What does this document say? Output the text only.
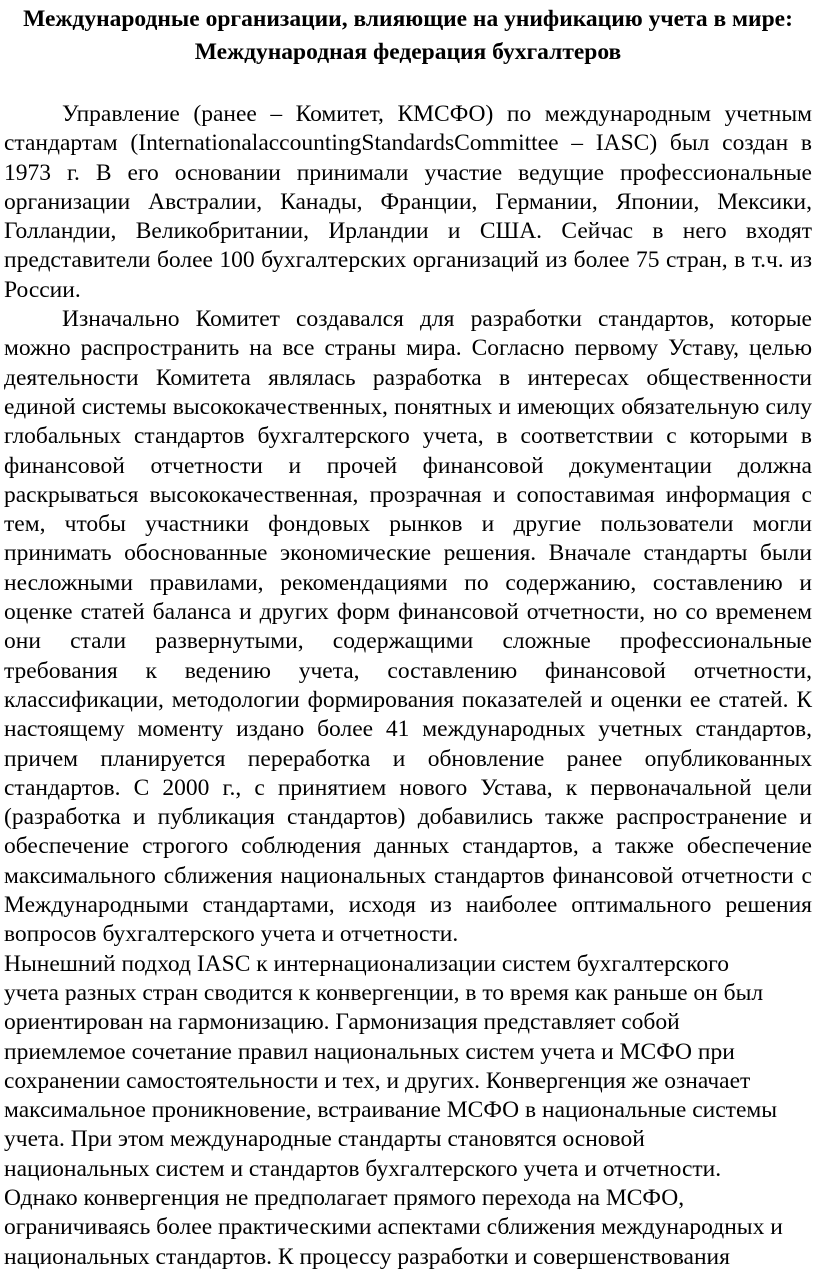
Международные организации, влияющие на унификацию учета в мире:
Международная федерация бухгалтеров

Управление (ранее – Комитет, КМСФО) по международным учетным стандартам (InternationalaccountingStandardsCommittee – IASC) был создан в 1973 г. В его основании принимали участие ведущие профессиональные организации Австралии, Канады, Франции, Германии, Японии, Мексики, Голландии, Великобритании, Ирландии и США. Сейчас в него входят представители более 100 бухгалтерских организаций из более 75 стран, в т.ч. из России.

Изначально Комитет создавался для разработки стандартов, которые можно распространить на все страны мира. Согласно первому Уставу, целью деятельности Комитета являлась разработка в интересах общественности единой системы высококачественных, понятных и имеющих обязательную силу глобальных стандартов бухгалтерского учета, в соответствии с которыми в финансовой отчетности и прочей финансовой документации должна раскрываться высококачественная, прозрачная и сопоставимая информация с тем, чтобы участники фондовых рынков и другие пользователи могли принимать обоснованные экономические решения. Вначале стандарты были несложными правилами, рекомендациями по содержанию, составлению и оценке статей баланса и других форм финансовой отчетности, но со временем они стали развернутыми, содержащими сложные профессиональные требования к ведению учета, составлению финансовой отчетности, классификации, методологии формирования показателей и оценки ее статей. К настоящему моменту издано более 41 международных учетных стандартов, причем планируется переработка и обновление ранее опубликованных стандартов. С 2000 г., с принятием нового Устава, к первоначальной цели (разработка и публикация стандартов) добавились также распространение и обеспечение строгого соблюдения данных стандартов, а также обеспечение максимального сближения национальных стандартов финансовой отчетности с Международными стандартами, исходя из наиболее оптимального решения вопросов бухгалтерского учета и отчетности.

Нынешний подход IASC к интернационализации систем бухгалтерского
учета разных стран сводится к конвергенции, в то время как раньше он был
ориентирован на гармонизацию. Гармонизация представляет собой
приемлемое сочетание правил национальных систем учета и МСФО при
сохранении самостоятельности и тех, и других. Конвергенция же означает
максимальное проникновение, встраивание МСФО в национальные системы
учета. При этом международные стандарты становятся основой
национальных систем и стандартов бухгалтерского учета и отчетности.
Однако конвергенция не предполагает прямого перехода на МСФО,
ограничиваясь более практическими аспектами сближения международных и
национальных стандартов. К процессу разработки и совершенствования
